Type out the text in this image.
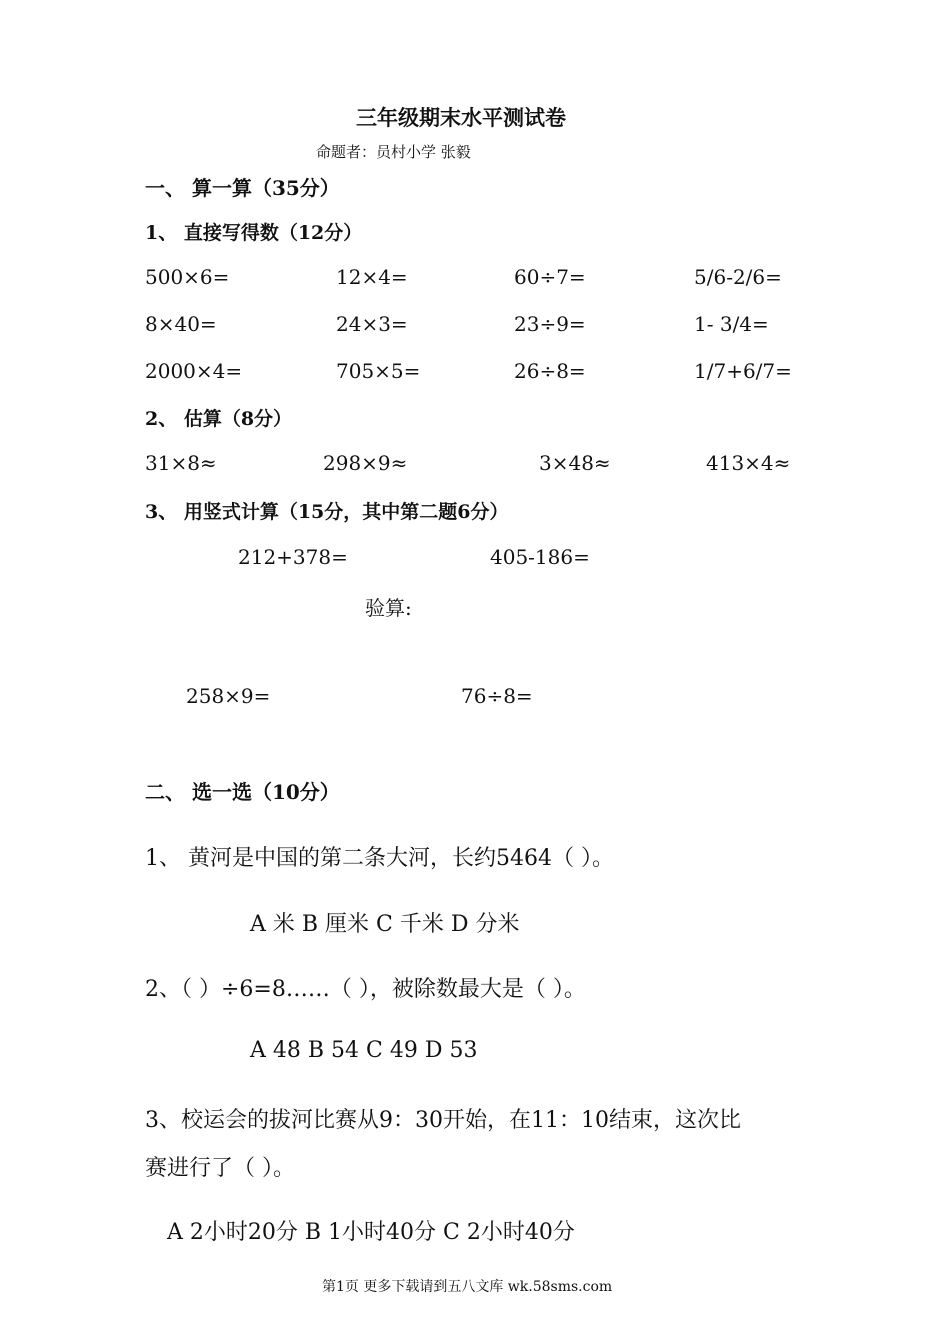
三年级期末水平测试卷
命题者：员村小学 张毅
一、 算一算（35分）
1、 直接写得数（12分）
500×6=	12×4=	60÷7=	5/6-2/6=
8×40=	24×3=	23÷9=	1- 3/4=
2000×4=	705×5=	26÷8=	1/7+6/7=
2、 估算（8分）
31×8≈	298×9≈	3×48≈	413×4≈
3、 用竖式计算（15分，其中第二题6分）
212+378=	405-186=
验算:
258×9=	76÷8=
二、 选一选（10分）
1、 黄河是中国的第二条大河，长约5464（ ）。
A 米 B 厘米 C 千米 D 分米
2、（ ）÷6=8……（ ），被除数最大是（ ）。
A 48 B 54 C 49 D 53
3、校运会的拔河比赛从9：30开始，在11：10结束，这次比
赛进行了（ ）。
A 2小时20分 B 1小时40分 C 2小时40分
第1页 更多下载请到五八文库 wk.58sms.com
